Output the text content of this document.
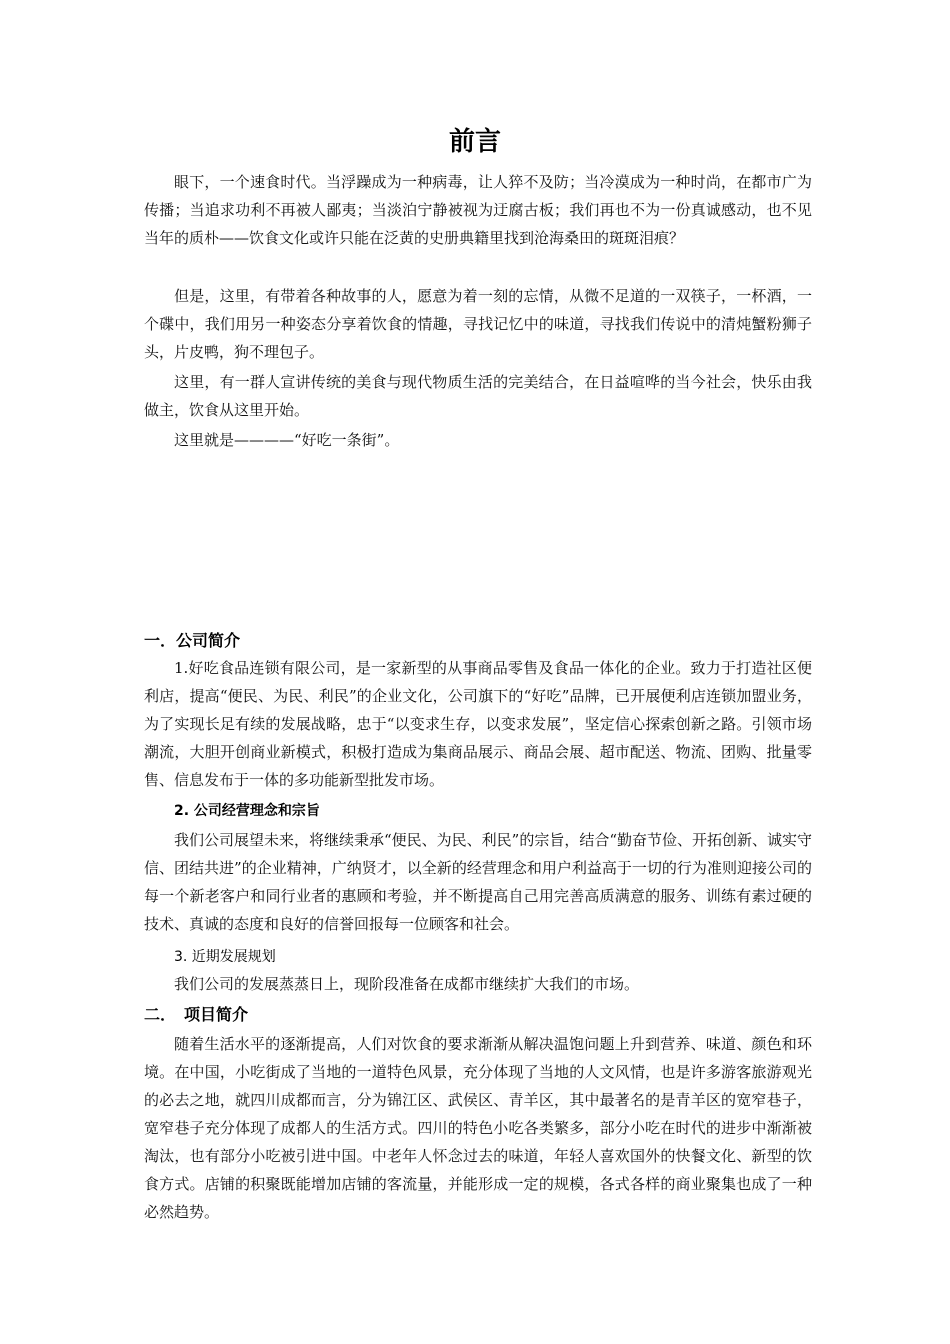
前言

眼下，一个速食时代。当浮躁成为一种病毒，让人猝不及防；当冷漠成为一种时尚，在都市广为传播；当追求功利不再被人鄙夷；当淡泊宁静被视为迂腐古板；我们再也不为一份真诚感动，也不见当年的质朴——饮食文化或许只能在泛黄的史册典籍里找到沧海桑田的斑斑泪痕？

但是，这里，有带着各种故事的人，愿意为着一刻的忘情，从微不足道的一双筷子，一杯酒，一个碟中，我们用另一种姿态分享着饮食的情趣，寻找记忆中的味道，寻找我们传说中的清炖蟹粉狮子头，片皮鸭，狗不理包子。

这里，有一群人宣讲传统的美食与现代物质生活的完美结合，在日益喧哗的当今社会，快乐由我做主，饮食从这里开始。

这里就是————“好吃一条街”。

一．公司简介

1.好吃食品连锁有限公司，是一家新型的从事商品零售及食品一体化的企业。致力于打造社区便利店，提高“便民、为民、利民”的企业文化，公司旗下的“好吃”品牌，已开展便利店连锁加盟业务，为了实现长足有续的发展战略，忠于“以变求生存，以变求发展”，坚定信心探索创新之路。引领市场潮流，大胆开创商业新模式，积极打造成为集商品展示、商品会展、超市配送、物流、团购、批量零售、信息发布于一体的多功能新型批发市场。

2. 公司经营理念和宗旨

我们公司展望未来，将继续秉承“便民、为民、利民”的宗旨，结合“勤奋节俭、开拓创新、诚实守信、团结共进”的企业精神，广纳贤才，以全新的经营理念和用户利益高于一切的行为准则迎接公司的每一个新老客户和同行业者的惠顾和考验，并不断提高自己用完善高质满意的服务、训练有素过硬的技术、真诚的态度和良好的信誉回报每一位顾客和社会。

3. 近期发展规划

我们公司的发展蒸蒸日上，现阶段准备在成都市继续扩大我们的市场。

二．　项目简介

随着生活水平的逐渐提高，人们对饮食的要求渐渐从解决温饱问题上升到营养、味道、颜色和环境。在中国，小吃街成了当地的一道特色风景，充分体现了当地的人文风情，也是许多游客旅游观光的必去之地，就四川成都而言，分为锦江区、武侯区、青羊区，其中最著名的是青羊区的宽窄巷子，宽窄巷子充分体现了成都人的生活方式。四川的特色小吃各类繁多，部分小吃在时代的进步中渐渐被淘汰，也有部分小吃被引进中国。中老年人怀念过去的味道，年轻人喜欢国外的快餐文化、新型的饮食方式。店铺的积聚既能增加店铺的客流量，并能形成一定的规模，各式各样的商业聚集也成了一种必然趋势。
